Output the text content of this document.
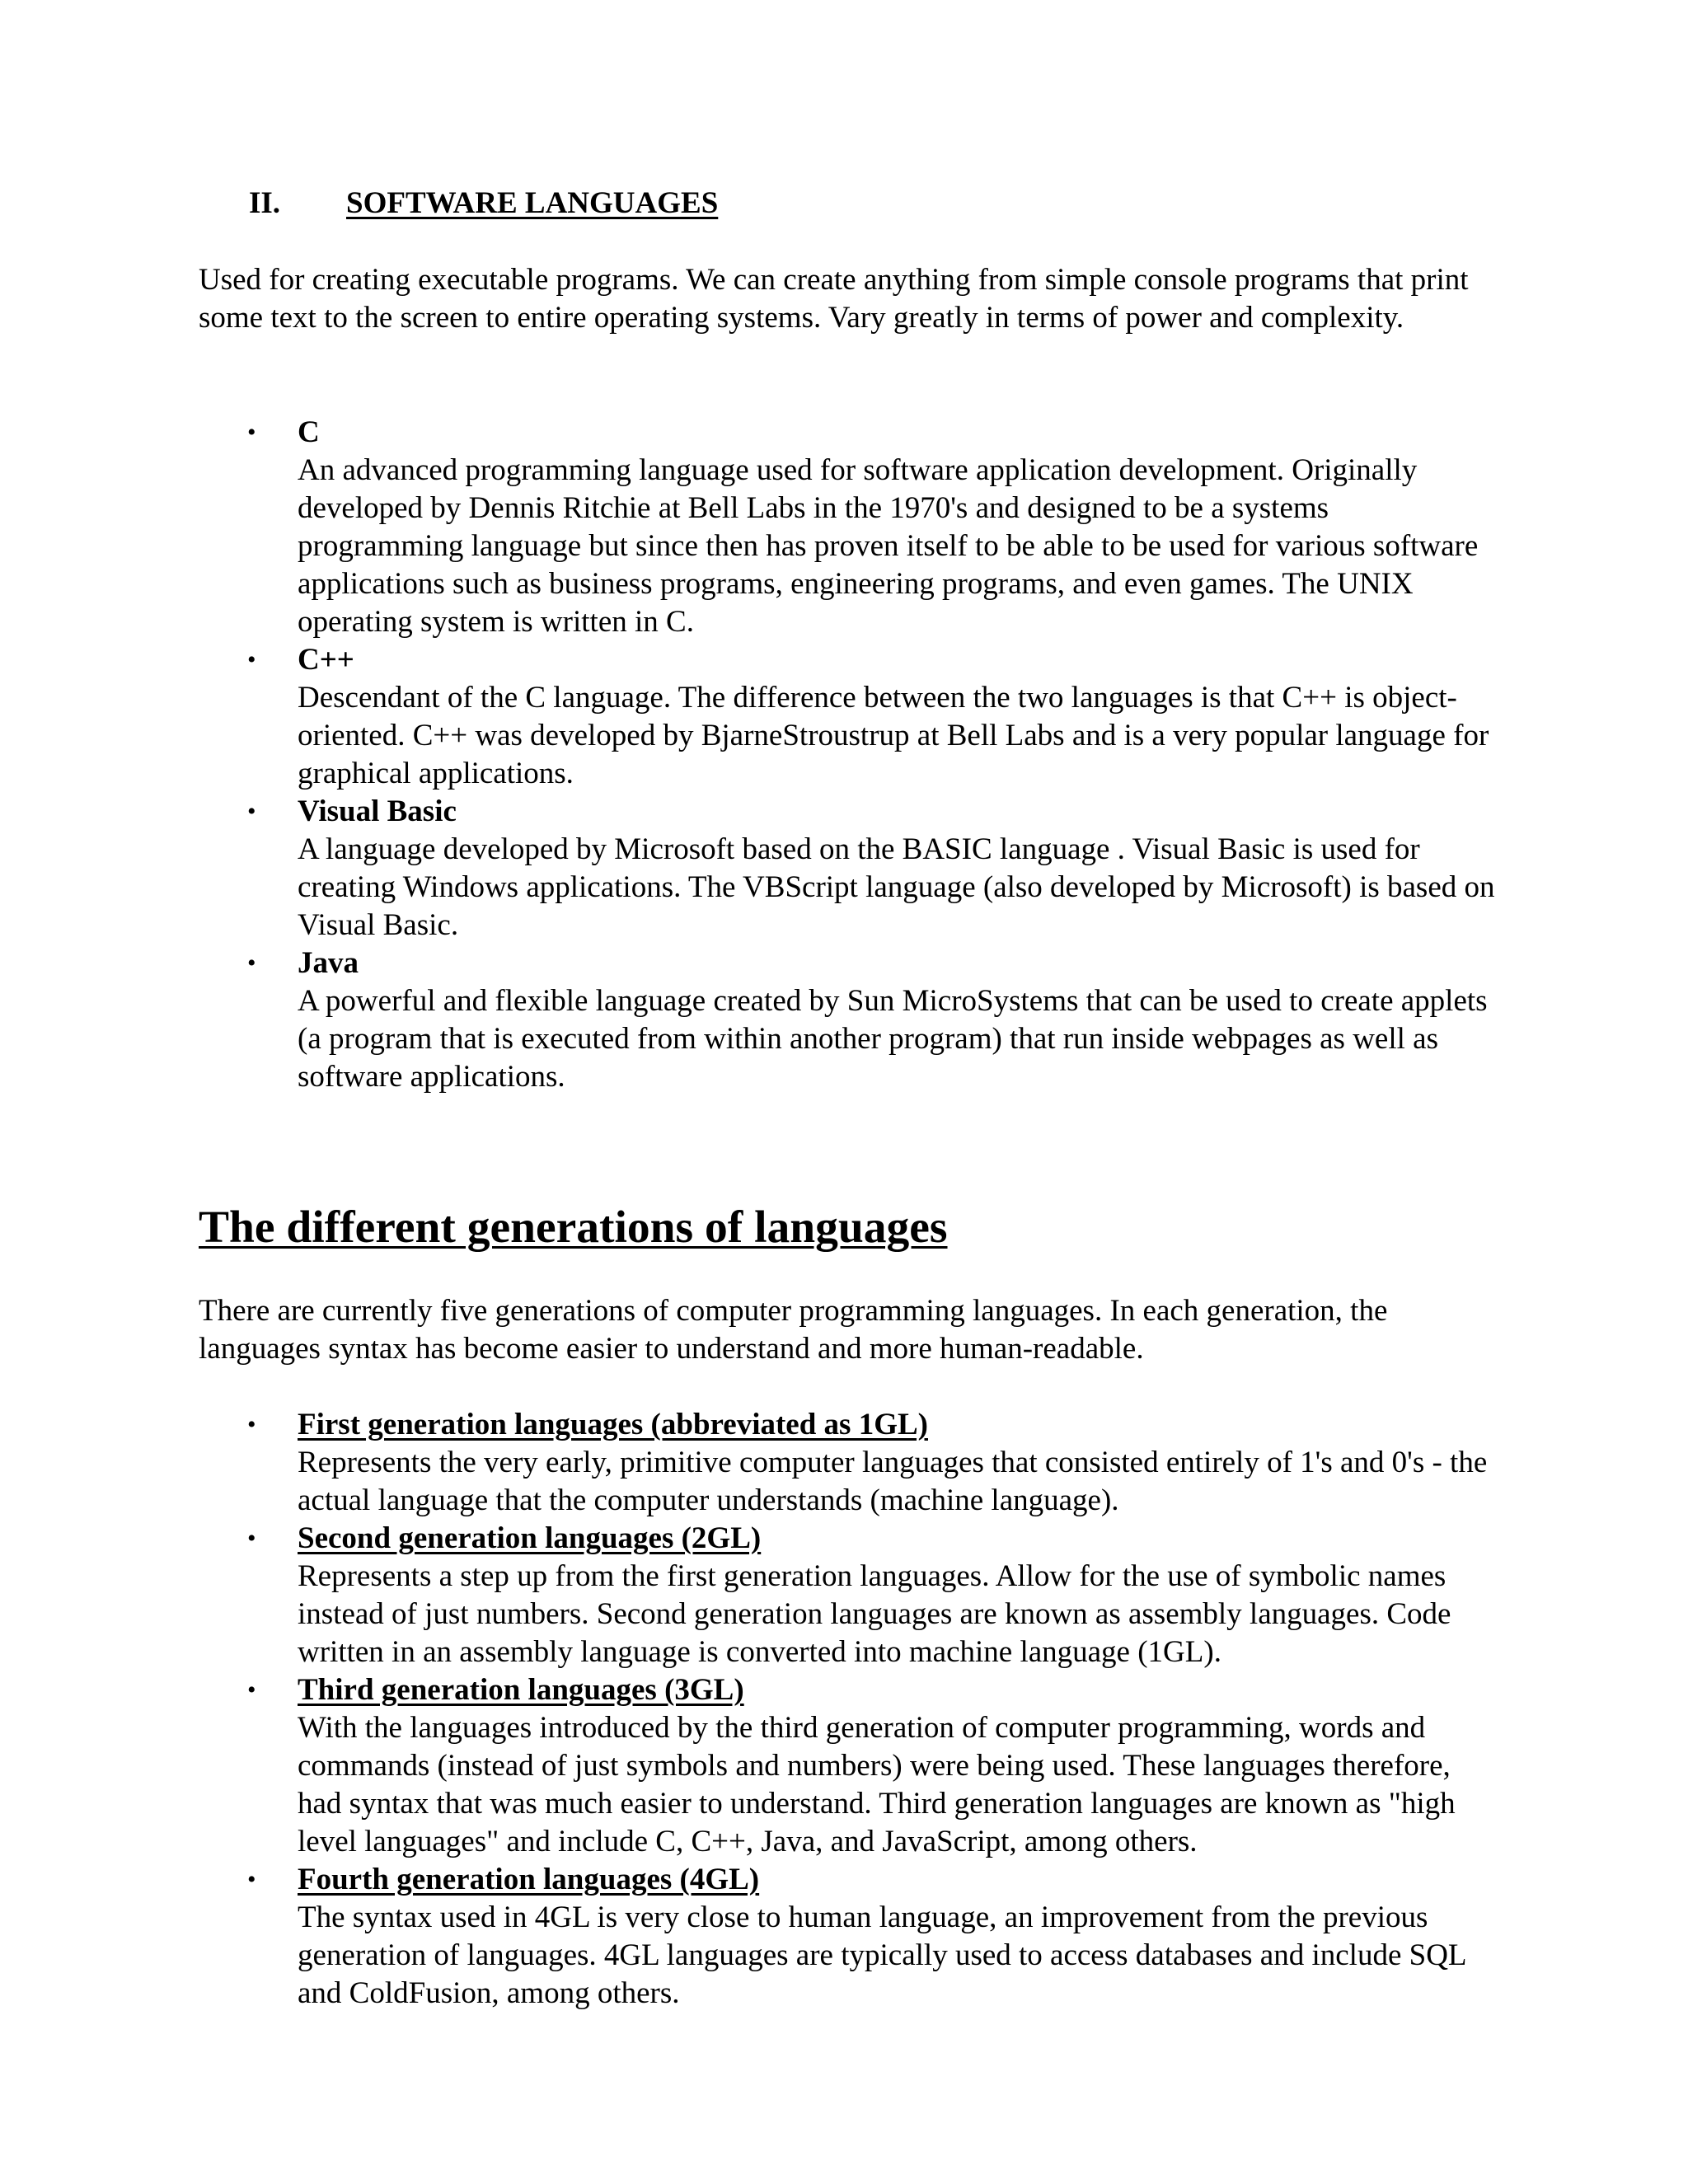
II. SOFTWARE LANGUAGES

Used for creating executable programs. We can create anything from simple console programs that print some text to the screen to entire operating systems. Vary greatly in terms of power and complexity.

• C
An advanced programming language used for software application development. Originally developed by Dennis Ritchie at Bell Labs in the 1970's and designed to be a systems programming language but since then has proven itself to be able to be used for various software applications such as business programs, engineering programs, and even games. The UNIX operating system is written in C.
• C++
Descendant of the C language. The difference between the two languages is that C++ is object-oriented. C++ was developed by BjarneStroustrup at Bell Labs and is a very popular language for graphical applications.
• Visual Basic
A language developed by Microsoft based on the BASIC language . Visual Basic is used for creating Windows applications. The VBScript language (also developed by Microsoft) is based on Visual Basic.
• Java
A powerful and flexible language created by Sun MicroSystems that can be used to create applets (a program that is executed from within another program) that run inside webpages as well as software applications.
The different generations of languages

There are currently five generations of computer programming languages. In each generation, the languages syntax has become easier to understand and more human-readable.

• First generation languages (abbreviated as 1GL)
Represents the very early, primitive computer languages that consisted entirely of 1's and 0's - the actual language that the computer understands (machine language).
• Second generation languages (2GL)
Represents a step up from the first generation languages. Allow for the use of symbolic names instead of just numbers. Second generation languages are known as assembly languages. Code written in an assembly language is converted into machine language (1GL).
• Third generation languages (3GL)
With the languages introduced by the third generation of computer programming, words and commands (instead of just symbols and numbers) were being used. These languages therefore, had syntax that was much easier to understand. Third generation languages are known as "high level languages" and include C, C++, Java, and JavaScript, among others.
• Fourth generation languages (4GL)
The syntax used in 4GL is very close to human language, an improvement from the previous generation of languages. 4GL languages are typically used to access databases and include SQL and ColdFusion, among others.
